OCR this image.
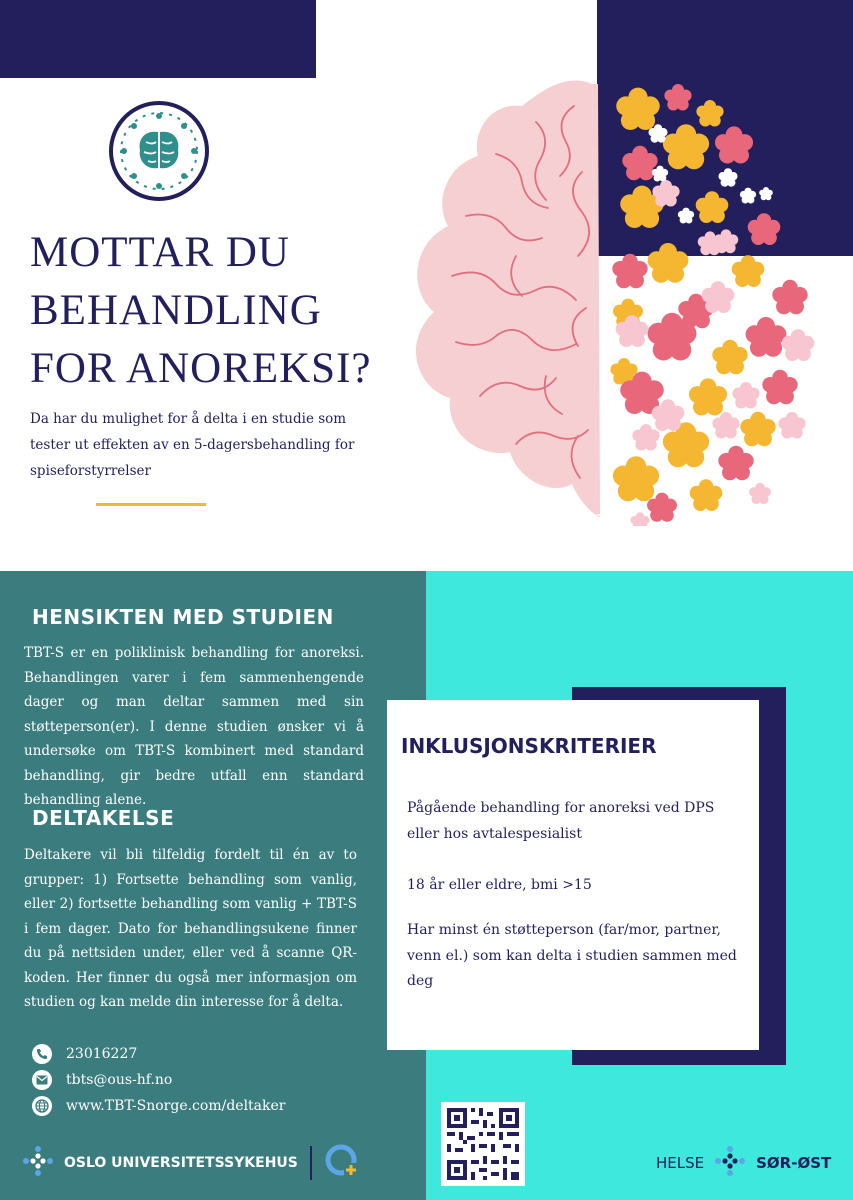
MOTTAR DU
BEHANDLING
FOR ANOREKSI?

Da har du mulighet for å delta i en studie som tester ut effekten av en 5-dagersbehandling for spiseforstyrrelser

HENSIKTEN MED STUDIEN

TBT-S er en poliklinisk behandling for anoreksi. Behandlingen varer i fem sammenhengende dager og man deltar sammen med sin støtteperson(er). I denne studien ønsker vi å undersøke om TBT-S kombinert med standard behandling, gir bedre utfall enn standard behandling alene.

DELTAKELSE

Deltakere vil bli tilfeldig fordelt til én av to grupper: 1) Fortsette behandling som vanlig, eller 2) fortsette behandling som vanlig + TBT-S i fem dager. Dato for behandlingsukene finner du på nettsiden under, eller ved å scanne QR-koden. Her finner du også mer informasjon om studien og kan melde din interesse for å delta.

23016227
tbts@ous-hf.no
www.TBT-Snorge.com/deltaker
INKLUSJONSKRITERIER

Pågående behandling for anoreksi ved DPS eller hos avtalespesialist

18 år eller eldre, bmi >15

Har minst én støtteperson (far/mor, partner, venn el.) som kan delta i studien sammen med deg

OSLO UNIVERSITETSSYKEHUS	HELSE	SØR-ØST
